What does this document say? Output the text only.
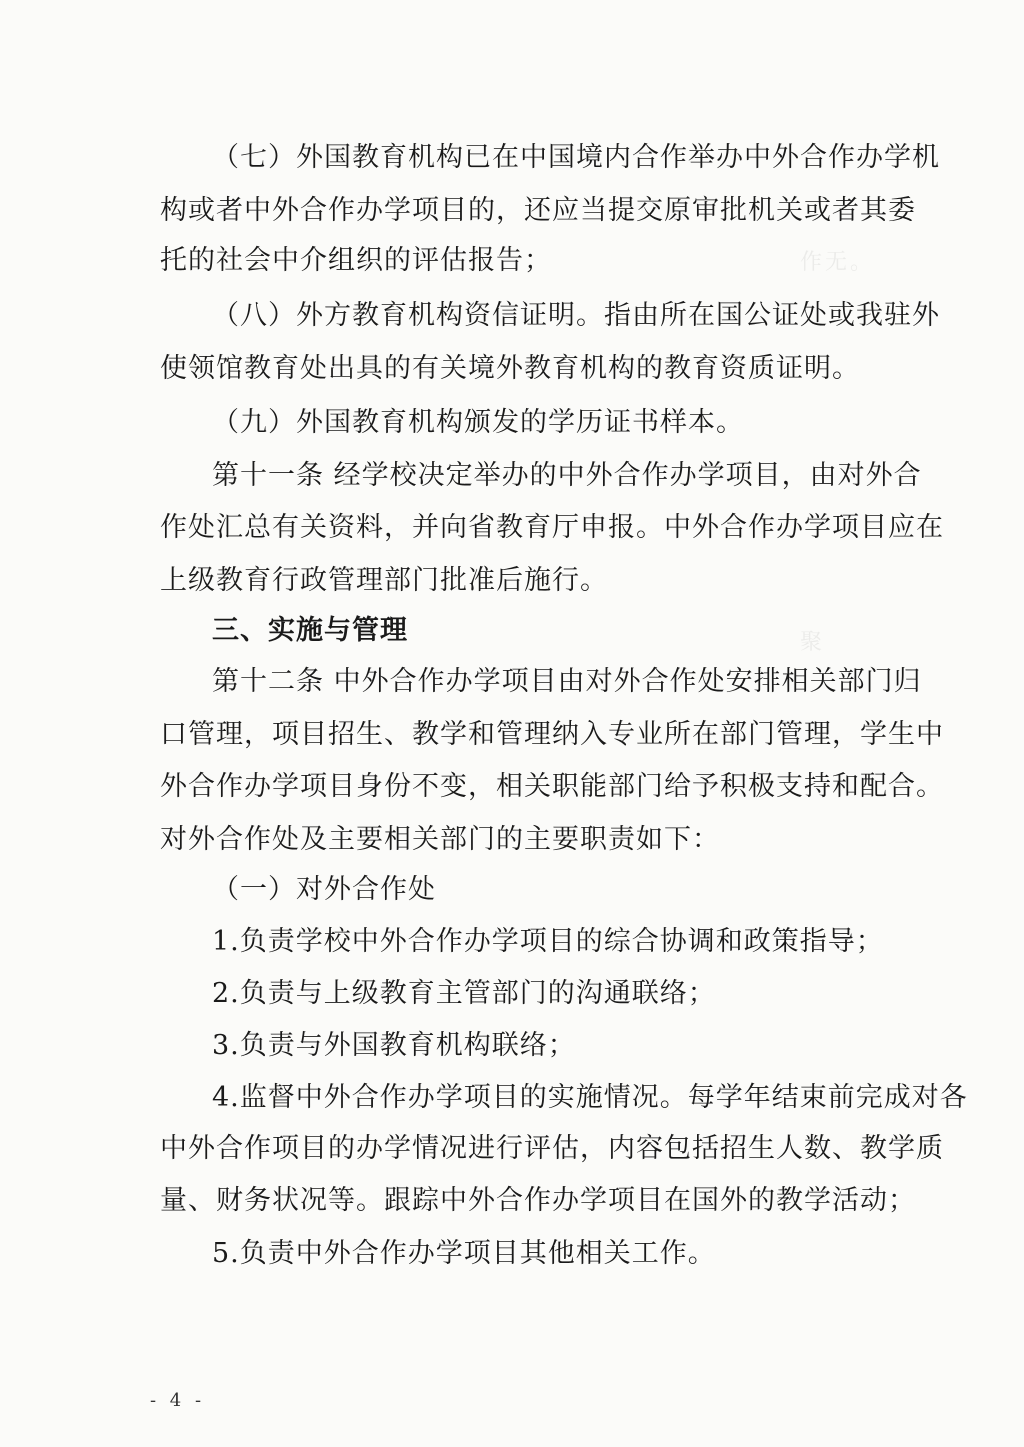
作无。
聚
（七）外国教育机构已在中国境内合作举办中外合作办学机
构或者中外合作办学项目的，还应当提交原审批机关或者其委
托的社会中介组织的评估报告；
（八）外方教育机构资信证明。指由所在国公证处或我驻外
使领馆教育处出具的有关境外教育机构的教育资质证明。
（九）外国教育机构颁发的学历证书样本。
第十一条 经学校决定举办的中外合作办学项目，由对外合
作处汇总有关资料，并向省教育厅申报。中外合作办学项目应在
上级教育行政管理部门批准后施行。
三、实施与管理
第十二条 中外合作办学项目由对外合作处安排相关部门归
口管理，项目招生、教学和管理纳入专业所在部门管理，学生中
外合作办学项目身份不变，相关职能部门给予积极支持和配合。
对外合作处及主要相关部门的主要职责如下：
（一）对外合作处
1.负责学校中外合作办学项目的综合协调和政策指导；
2.负责与上级教育主管部门的沟通联络；
3.负责与外国教育机构联络；
4.监督中外合作办学项目的实施情况。每学年结束前完成对各
中外合作项目的办学情况进行评估，内容包括招生人数、教学质
量、财务状况等。跟踪中外合作办学项目在国外的教学活动；
5.负责中外合作办学项目其他相关工作。
- 4 -
